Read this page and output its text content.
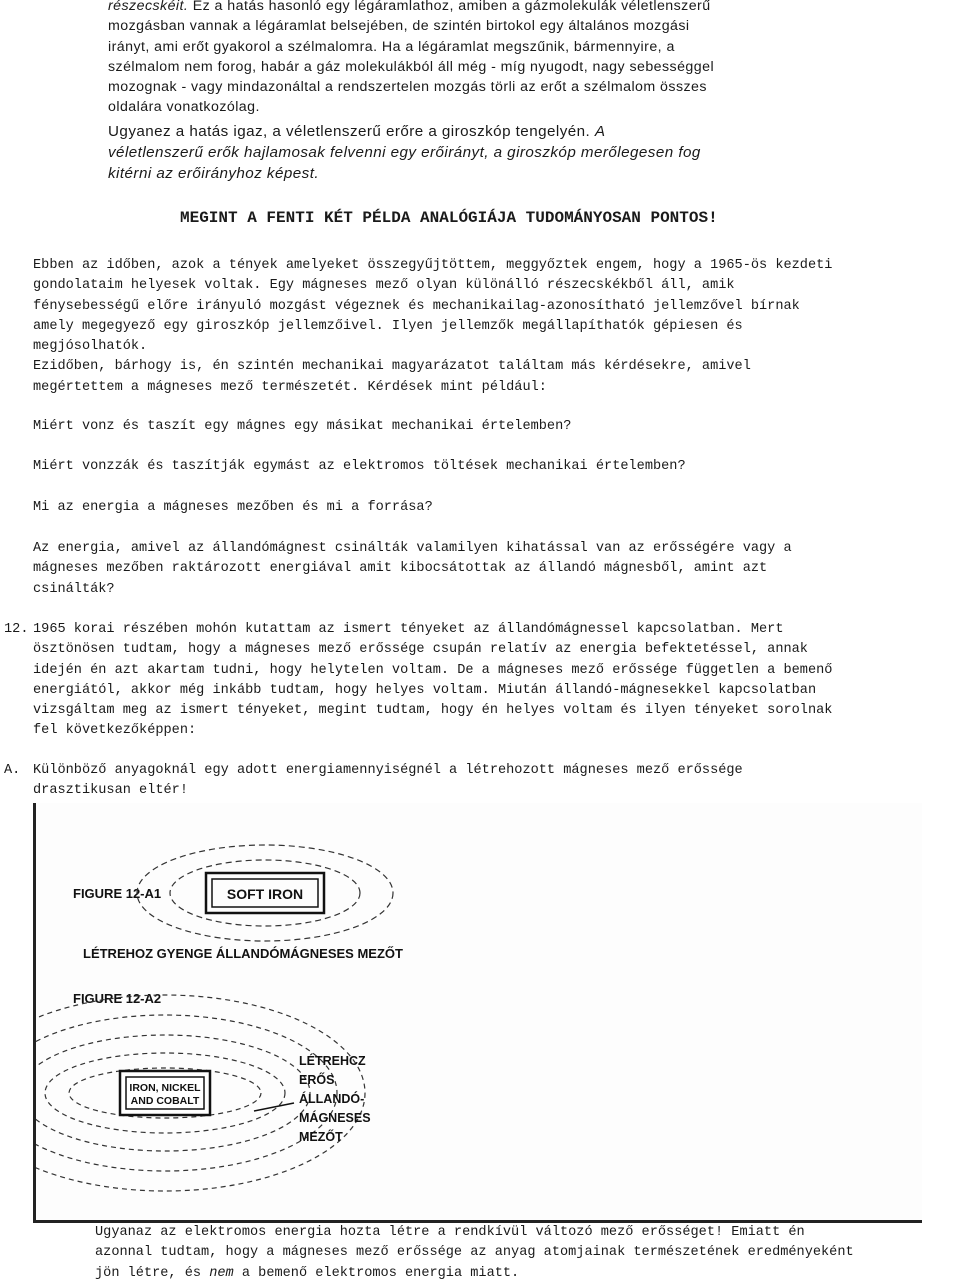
részecskéit. Ez a hatás hasonló egy légáramlathoz, amiben a gázmolekulák véletlenszerű
mozgásban vannak a légáramlat belsejében, de szintén birtokol egy általános mozgási
irányt, ami erőt gyakorol a szélmalomra. Ha a légáramlat megszűnik, bármennyire, a
szélmalom nem forog, habár a gáz molekulákból áll még - míg nyugodt, nagy sebességgel
mozognak - vagy mindazonáltal a rendszertelen mozgás törli az erőt a szélmalom összes
oldalára vonatkozólag.
Ugyanez a hatás igaz, a véletlenszerű erőre a giroszkóp tengelyén. A
véletlenszerű erők hajlamosak felvenni egy erőirányt, a giroszkóp merőlegesen fog
kitérni az erőirányhoz képest.
MEGINT A FENTI KÉT PÉLDA ANALÓGIÁJA TUDOMÁNYOSAN PONTOS!
Ebben az időben, azok a tények amelyeket összegyűjtöttem, meggyőztek engem, hogy a 1965-ös kezdeti
gondolataim helyesek voltak. Egy mágneses mező olyan különálló részecskékből áll, amik
fénysebességű előre irányuló mozgást végeznek és mechanikailag-azonosítható jellemzővel bírnak
amely megegyező egy giroszkóp jellemzőivel. Ilyen jellemzők megállapíthatók gépiesen és
megjósolhatók.
Ezidőben, bárhogy is, én szintén mechanikai magyarázatot találtam más kérdésekre, amivel
megértettem a mágneses mező természetét. Kérdések mint például:
Miért vonz és taszít egy mágnes egy másikat mechanikai értelemben?
Miért vonzzák és taszítják egymást az elektromos töltések mechanikai értelemben?
Mi az energia a mágneses mezőben és mi a forrása?
Az energia, amivel az állandómágnest csinálták valamilyen kihatással van az erősségére vagy a
mágneses mezőben raktározott energiával amit kibocsátottak az állandó mágnesből, amint azt
csinálták?
12. 1965 korai részében mohón kutattam az ismert tényeket az állandómágnessel kapcsolatban. Mert
ösztönösen tudtam, hogy a mágneses mező erőssége csupán relatív az energia befektetéssel, annak
idején én azt akartam tudni, hogy helytelen voltam. De a mágneses mező erőssége független a bemenő
energiától, akkor még inkább tudtam, hogy helyes voltam. Miután állandó-mágnesekkel kapcsolatban
vizsgáltam meg az ismert tényeket, megint tudtam, hogy én helyes voltam és ilyen tényeket sorolnak
fel következőképpen:
A. Különböző anyagoknál egy adott energiamennyiségnél a létrehozott mágneses mező erőssége
drasztikusan eltér!
FIGURE 12-A1	SOFT IRON
LÉTREHOZ GYENGE ÁLLANDÓMÁGNESES MEZŐT
FIGURE 12-A2
IRON, NICKEL
AND COBALT
LÉTREHCZ
ERŐS
ÁLLANDÓ-
MÁGNESES
MEZŐT
Ugyanaz az elektromos energia hozta létre a rendkívül változó mező erősséget! Emiatt én
azonnal tudtam, hogy a mágneses mező erőssége az anyag atomjainak természetének eredményeként
jön létre, és nem a bemenő elektromos energia miatt.
